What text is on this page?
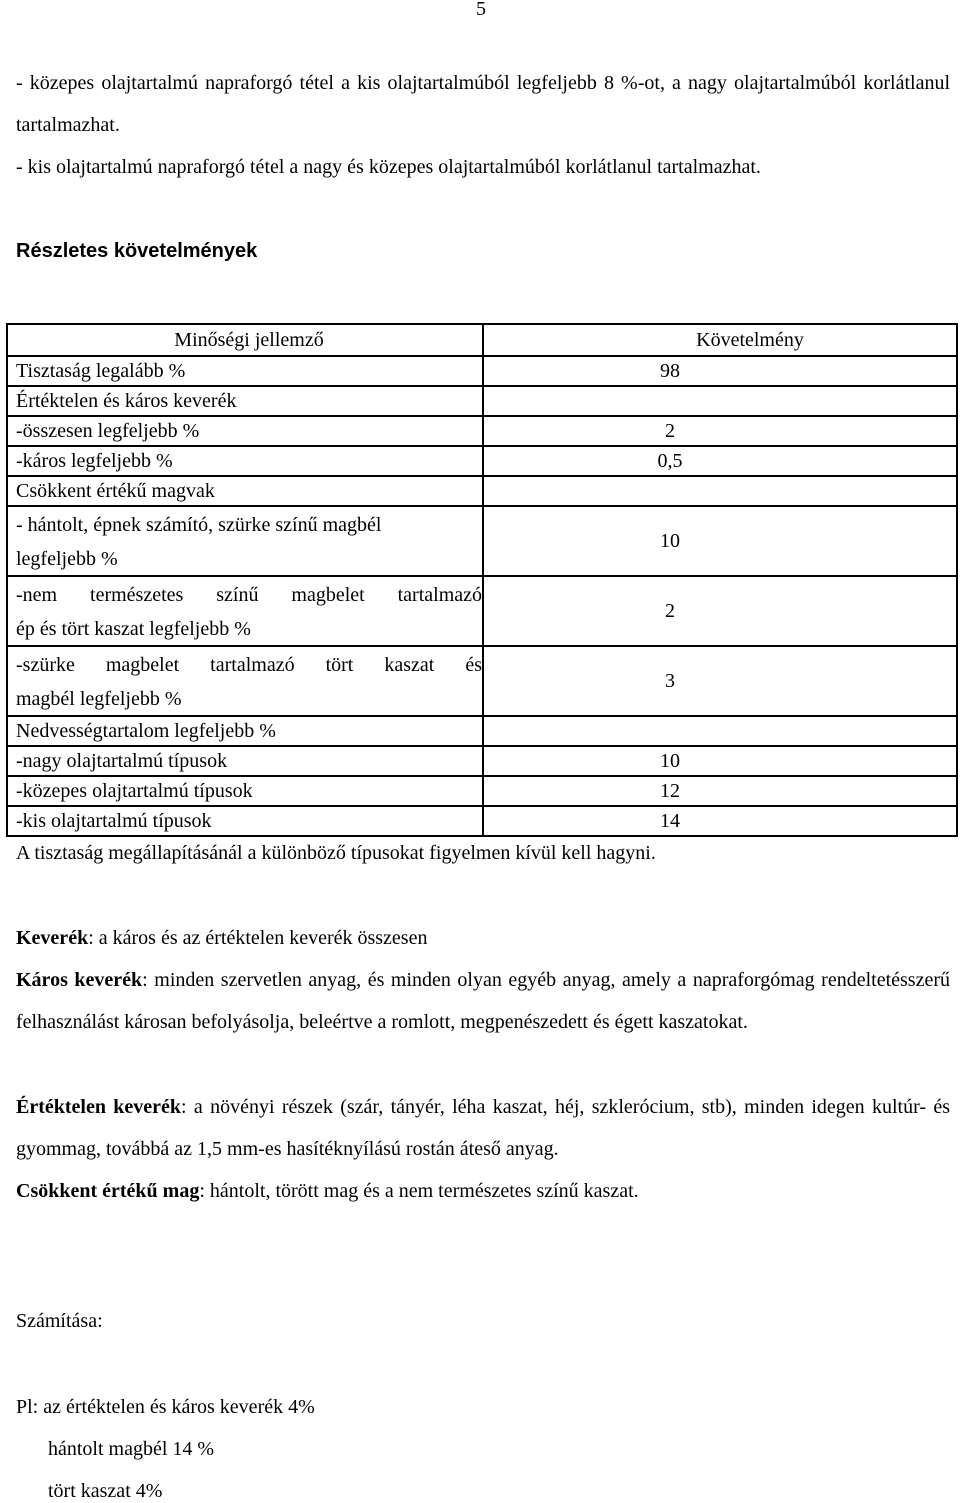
5
- közepes olajtartalmú napraforgó tétel a kis olajtartalmúból legfeljebb 8 %-ot, a nagy olajtartalmúból korlátlanul tartalmazhat.
- kis olajtartalmú napraforgó tétel a nagy és közepes olajtartalmúból korlátlanul tartalmazhat.
Részletes követelmények
Minőségi jellemző	Követelmény
Tisztaság legalább %	98
Értéktelen és káros keverék	
-összesen legfeljebb %	2
-káros legfeljebb %	0,5
Csökkent értékű magvak	

- hántolt, épnek számító, szürke színű magbél
legfeljebb %	10

-nem természetes színű magbelet tartalmazó
ép és tört kaszat legfeljebb %	2

-szürke magbelet tartalmazó tört kaszat és
magbél legfeljebb %	3
Nedvességtartalom legfeljebb %	
-nagy olajtartalmú típusok	10
-közepes olajtartalmú típusok	12
-kis olajtartalmú típusok	14
A tisztaság megállapításánál a különböző típusokat figyelmen kívül kell hagyni.
Keverék: a káros és az értéktelen keverék összesen
Káros keverék: minden szervetlen anyag, és minden olyan egyéb anyag, amely a napraforgómag rendeltetésszerű felhasználást károsan befolyásolja, beleértve a romlott, megpenészedett és égett kaszatokat.
Értéktelen keverék: a növényi részek (szár, tányér, léha kaszat, héj, szklerócium, stb), minden idegen kultúr- és gyommag, továbbá az 1,5 mm-es hasítéknyílású rostán áteső anyag.
Csökkent értékű mag: hántolt, törött mag és a nem természetes színű kaszat.
Számítása:
Pl: az értéktelen és káros keverék 4%
hántolt magbél 14 %
tört kaszat 4%
